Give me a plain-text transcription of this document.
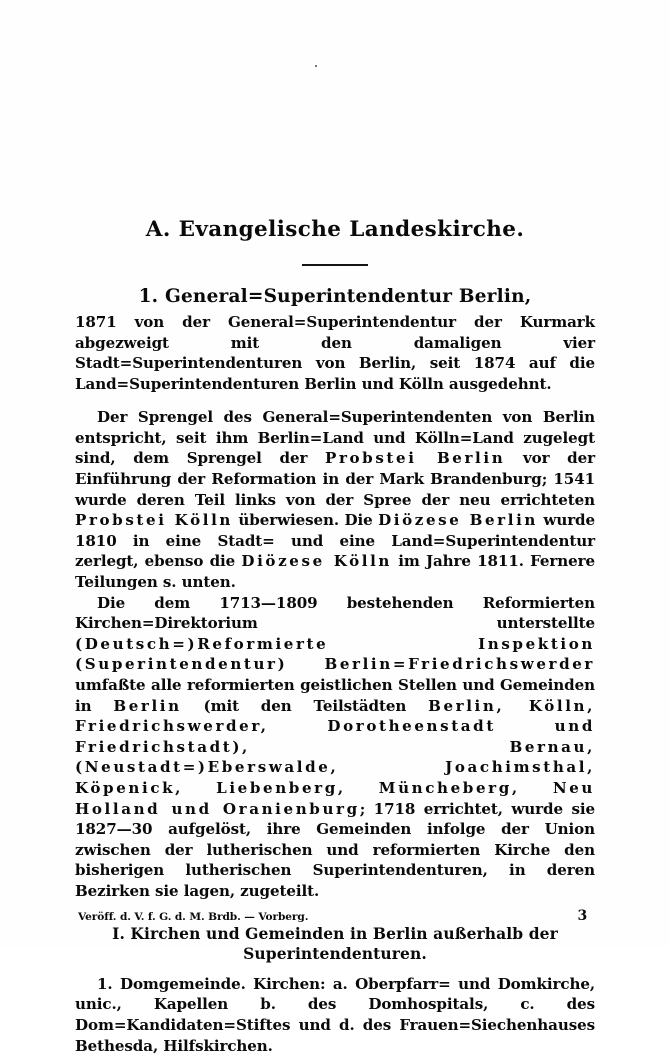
A. Evangelische Landeskirche.
1. General=Superintendentur Berlin,

1871 von der General=Superintendentur der Kurmark abgezweigt mit den damaligen vier Stadt=Superintendenturen von Berlin, seit 1874 auf die Land=Superintendenturen Berlin und Kölln ausgedehnt.

Der Sprengel des General=Superintendenten von Berlin entspricht, seit ihm Berlin=Land und Kölln=Land zugelegt sind, dem Sprengel der Probstei Berlin vor der Einführung der Reformation in der Mark Brandenburg; 1541 wurde deren Teil links von der Spree der neu errichteten Probstei Kölln überwiesen. Die Diözese Berlin wurde 1810 in eine Stadt= und eine Land=Superintendentur zerlegt, ebenso die Diözese Kölln im Jahre 1811. Fernere Teilungen s. unten.

Die dem 1713—1809 bestehenden Reformierten Kirchen=Direktorium unterstellte (Deutsch=)Reformierte Inspektion (Superintendentur) Berlin=Friedrichswerder umfaßte alle reformierten geistlichen Stellen und Gemeinden in Berlin (mit den Teilstädten Berlin, Kölln, Friedrichswerder, Dorotheenstadt und Friedrichstadt), Bernau, (Neustadt=)Eberswalde, Joachimsthal, Köpenick, Liebenberg, Müncheberg, Neu Holland und Oranienburg; 1718 errichtet, wurde sie 1827—30 aufgelöst, ihre Gemeinden infolge der Union zwischen der lutherischen und reformierten Kirche den bisherigen lutherischen Superintendenturen, in deren Bezirken sie lagen, zugeteilt.

I. Kirchen und Gemeinden in Berlin außerhalb der
Superintendenturen.

1. Domgemeinde. Kirchen: a. Oberpfarr= und Domkirche, unic., Kapellen b. des Domhospitals, c. des Dom=Kandidaten=Stiftes und d. des Frauen=Siechenhauses Bethesda, Hilfskirchen.

Veröff. d. V. f. G. d. M. Brdb. — Vorberg.	3
